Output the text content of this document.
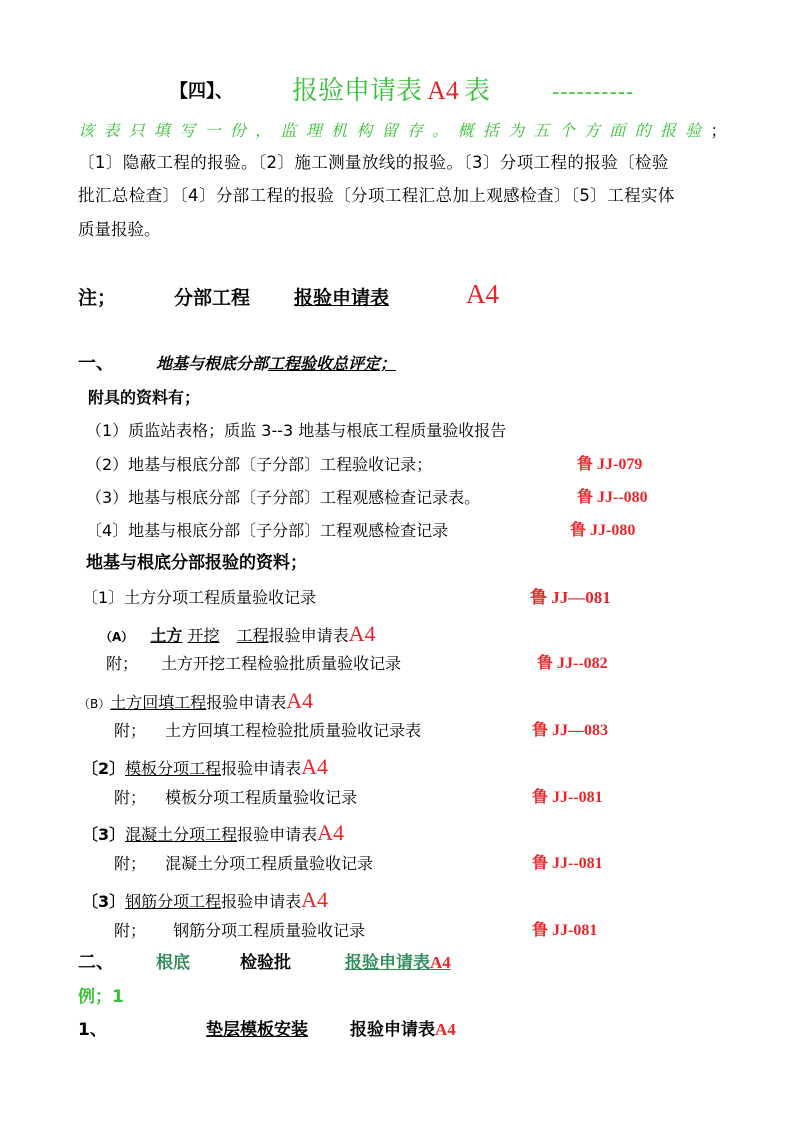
【四】、 报验申请表 A4 表	----------
该表只填写一份，监理机构留存。概括为五个方面的报验；
〔1〕隐蔽工程的报验。〔2〕施工测量放线的报验。〔3〕分项工程的报验〔检验
批汇总检查〕〔4〕分部工程的报验〔分项工程汇总加上观感检查〕〔5〕工程实体
质量报验。
注；	分部工程 报验申请表	A4
一、	地基与根底分部工程验收总评定；
附具的资料有；
（1）质监站表格；质监 3--3 地基与根底工程质量验收报告
（2）地基与根底分部〔子分部〕工程验收记录；	鲁 JJ-079
（3）地基与根底分部〔子分部〕工程观感检查记录表。	鲁 JJ--080
〔4〕地基与根底分部〔子分部〕工程观感检查记录	鲁 JJ-080
地基与根底分部报验的资料；
〔1〕土方分项工程质量验收记录	鲁 JJ—081
（A） 土方 开挖 工程报验申请表A4
附； 土方开挖工程检验批质量验收记录	鲁 JJ--082
（B）土方回填工程报验申请表A4
附； 土方回填工程检验批质量验收记录表	鲁 JJ—083
〔2〕模板分项工程报验申请表A4
附； 模板分项工程质量验收记录	鲁 JJ--081
〔3〕混凝土分项工程报验申请表A4
附； 混凝土分项工程质量验收记录	鲁 JJ--081
〔3〕钢筋分项工程报验申请表A4
附； 钢筋分项工程质量验收记录	鲁 JJ-081
二、 根底	检验批	报验申请表A4
例；1
1、	垫层模板安装 报验申请表A4
